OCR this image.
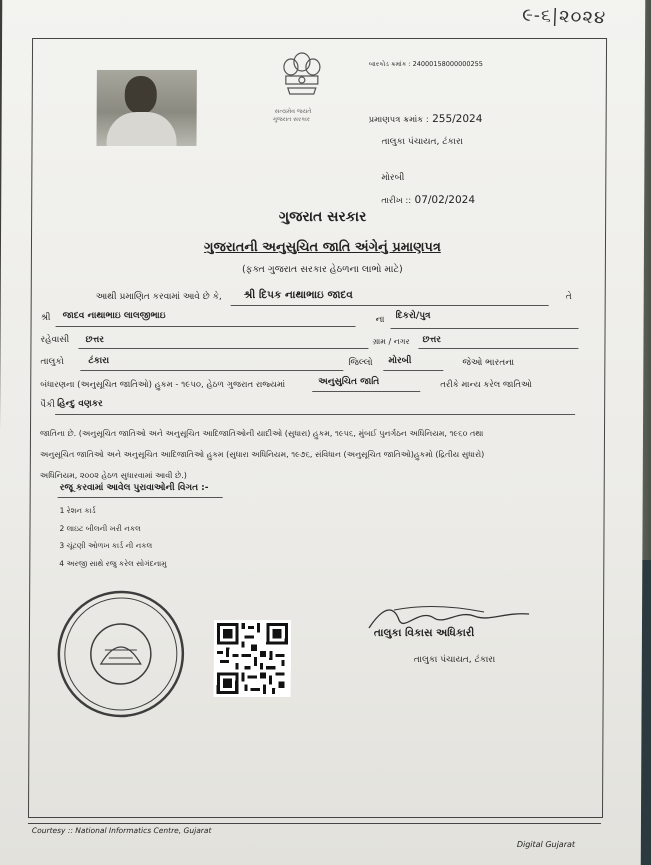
૯-૬|૨૦૨૪
સત્યમેવ જયતે
ગુજરાત સરકાર
બારકોડ ક્રમાંક : 24000158000000255
પ્રમાણપત્ર ક્રમાંક : 255/2024
તાલુકા પંચાયત, ટંકારા
મોરબી
તારીખ :: 07/02/2024
ગુજરાત સરકાર
ગુજરાતની અનુસુચિત જાતિ અંગેનું પ્રમાણપત્ર
(ફક્ત ગુજરાત સરકાર હેઠળના લાભો માટે)
આથી પ્રમાણિત કરવામાં આવે છે કે, શ્રી દિપક નાથાભાઇ જાદવ	તે
શ્રી જાદવ નાથાભાઇ લાલજીભાઇ	ના દિકરો/પુત્ર
રહેવાસી છત્તર	ગ્રામ / નગર છત્તર
તાલુકો	ટંકારા	જિલ્લો મોરબી	જેઓ ભારતના
બંધારણના (અનુસૂચિત જાતિઓ) હુકમ - ૧૯૫૦, હેઠળ ગુજરાત રાજ્યમાં	અનુસુચિત જાતિ	તરીકે માન્ય કરેલ જાતિઓ
પૈકી હિન્દુ વણકર
જાતિના છે. (અનુસૂચિત જાતિઓ અને અનુસૂચિત આદિજાતિઓની યાદીઓ (સુધારા) હુકમ, ૧૯૫૬, મુંબઈ પુનર્ગઠન અધિનિયમ, ૧૯૬૦ તથા
અનુસૂચિત જાતિઓ અને અનુસૂચિત આદિજાતિઓ હુકમ (સુધારા અધિનિયમ, ૧૯૭૬, સંવિધાન (અનુસૂચિત જાતિઓ)હુકમો (દ્રિતીય સુધારો)
અધિનિયમ, ૨૦૦૨ હેઠળ સુધારવામાં આવી છે.)
રજૂ કરવામાં આવેલ પુરાવાઓની વિગત :-
1 રેશન કાર્ડ
2 લાઇટ બીલની ખરી નકલ
3 ચૂંટણી ઓળખ કાર્ડ ની નકલ
4 અરજી સાથે રજુ કરેલ સોગંદનામુ
તાલુકા વિકાસ અધિકારી
તાલુકા પંચાયત, ટંકારા
Courtesy :: National Informatics Centre, Gujarat
Digital Gujarat
